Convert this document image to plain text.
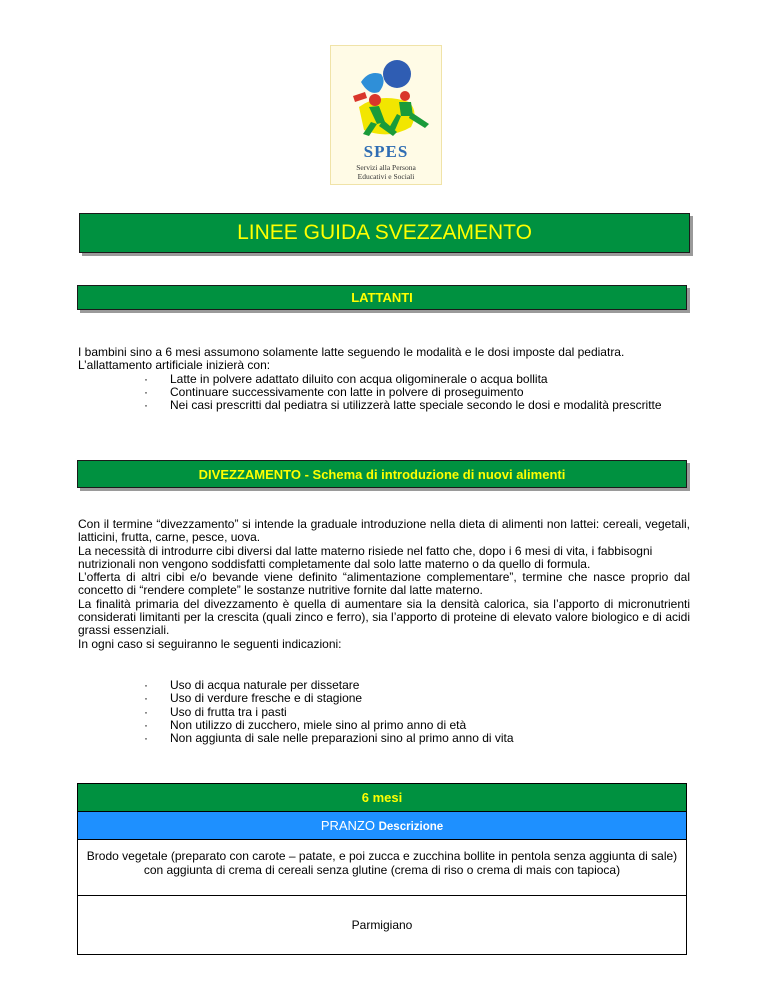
SPES
Servizi alla Persona
Educativi e Sociali
LINEE GUIDA SVEZZAMENTO
LATTANTI

I bambini sino a 6 mesi assumono solamente latte seguendo le modalità e le dosi imposte dal pediatra.

L’allattamento artificiale inizierà con:

· Latte in polvere adattato diluito con acqua oligominerale o acqua bollita
· Continuare successivamente con latte in polvere di proseguimento
· Nei casi prescritti dal pediatra si utilizzerà latte speciale secondo le dosi e modalità prescritte
DIVEZZAMENTO - Schema di introduzione di nuovi alimenti

Con il termine “divezzamento” si intende la graduale introduzione nella dieta di alimenti non lattei: cereali, vegetali, latticini, frutta, carne, pesce, uova.

La necessità di introdurre cibi diversi dal latte materno risiede nel fatto che, dopo i 6 mesi di vita, i fabbisogni nutrizionali non vengono soddisfatti completamente dal solo latte materno o da quello di formula.

L’offerta di altri cibi e/o bevande viene definito “alimentazione complementare”, termine che nasce proprio dal concetto di “rendere complete” le sostanze nutritive fornite dal latte materno.

La finalità primaria del divezzamento è quella di aumentare sia la densità calorica, sia l’apporto di micronutrienti considerati limitanti per la crescita (quali zinco e ferro), sia l’apporto di proteine di elevato valore biologico e di acidi grassi essenziali.

In ogni caso si seguiranno le seguenti indicazioni:

· Uso di acqua naturale per dissetare
· Uso di verdure fresche e di stagione
· Uso di frutta tra i pasti
· Non utilizzo di zucchero, miele sino al primo anno di età
· Non aggiunta di sale nelle preparazioni sino al primo anno di vita
6 mesi
PRANZO Descrizione
Brodo vegetale (preparato con carote – patate, e poi zucca e zucchina bollite in pentola senza aggiunta di sale) con aggiunta di crema di cereali senza glutine (crema di riso o crema di mais con tapioca)
Parmigiano
